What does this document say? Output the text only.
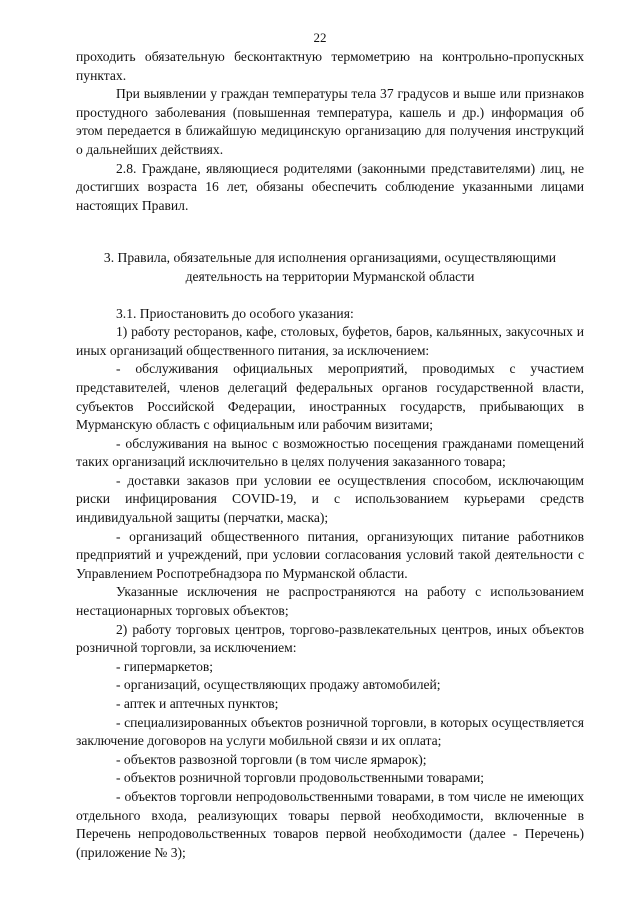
22

проходить обязательную бесконтактную термометрию на контрольно-пропускных пунктах.

При выявлении у граждан температуры тела 37 градусов и выше или признаков простудного заболевания (повышенная температура, кашель и др.) информация об этом передается в ближайшую медицинскую организацию для получения инструкций о дальнейших действиях.

2.8. Граждане, являющиеся родителями (законными представителями) лиц, не достигших возраста 16 лет, обязаны обеспечить соблюдение указанными лицами настоящих Правил.

3. Правила, обязательные для исполнения организациями, осуществляющими деятельность на территории Мурманской области

3.1. Приостановить до особого указания:

1) работу ресторанов, кафе, столовых, буфетов, баров, кальянных, закусочных и иных организаций общественного питания, за исключением:

- обслуживания официальных мероприятий, проводимых с участием представителей, членов делегаций федеральных органов государственной власти, субъектов Российской Федерации, иностранных государств, прибывающих в Мурманскую область с официальным или рабочим визитами;

- обслуживания на вынос с возможностью посещения гражданами помещений таких организаций исключительно в целях получения заказанного товара;

- доставки заказов при условии ее осуществления способом, исключающим риски инфицирования COVID-19, и с использованием курьерами средств индивидуальной защиты (перчатки, маска);

- организаций общественного питания, организующих питание работников предприятий и учреждений, при условии согласования условий такой деятельности с Управлением Роспотребнадзора по Мурманской области.

Указанные исключения не распространяются на работу с использованием нестационарных торговых объектов;

2) работу торговых центров, торгово-развлекательных центров, иных объектов розничной торговли, за исключением:

- гипермаркетов;

- организаций, осуществляющих продажу автомобилей;

- аптек и аптечных пунктов;

- специализированных объектов розничной торговли, в которых осуществляется заключение договоров на услуги мобильной связи и их оплата;

- объектов развозной торговли (в том числе ярмарок);

- объектов розничной торговли продовольственными товарами;

- объектов торговли непродовольственными товарами, в том числе не имеющих отдельного входа, реализующих товары первой необходимости, включенные в Перечень непродовольственных товаров первой необходимости (далее - Перечень) (приложение № 3);
